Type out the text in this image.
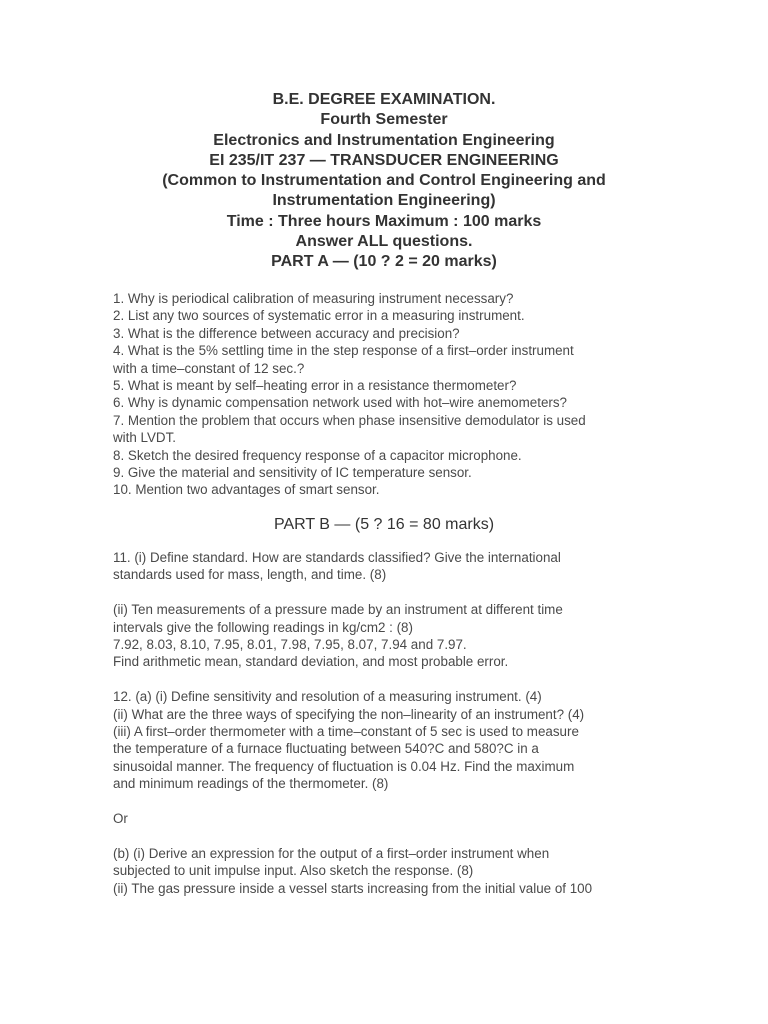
B.E. DEGREE EXAMINATION.
Fourth Semester
Electronics and Instrumentation Engineering
EI 235/IT 237 — TRANSDUCER ENGINEERING
(Common to Instrumentation and Control Engineering and
Instrumentation Engineering)
Time : Three hours Maximum : 100 marks
Answer ALL questions.
PART A — (10 ? 2 = 20 marks)
1. Why is periodical calibration of measuring instrument necessary?
2. List any two sources of systematic error in a measuring instrument.
3. What is the difference between accuracy and precision?
4. What is the 5% settling time in the step response of a first–order instrument
with a time–constant of 12 sec.?
5. What is meant by self–heating error in a resistance thermometer?
6. Why is dynamic compensation network used with hot–wire anemometers?
7. Mention the problem that occurs when phase insensitive demodulator is used
with LVDT.
8. Sketch the desired frequency response of a capacitor microphone.
9. Give the material and sensitivity of IC temperature sensor.
10. Mention two advantages of smart sensor.
PART B — (5 ? 16 = 80 marks)
11. (i) Define standard. How are standards classified? Give the international
standards used for mass, length, and time. (8)
(ii) Ten measurements of a pressure made by an instrument at different time
intervals give the following readings in kg/cm2 : (8)
7.92, 8.03, 8.10, 7.95, 8.01, 7.98, 7.95, 8.07, 7.94 and 7.97.
Find arithmetic mean, standard deviation, and most probable error.
12. (a) (i) Define sensitivity and resolution of a measuring instrument. (4)
(ii) What are the three ways of specifying the non–linearity of an instrument? (4)
(iii) A first–order thermometer with a time–constant of 5 sec is used to measure
the temperature of a furnace fluctuating between 540?C and 580?C in a
sinusoidal manner. The frequency of fluctuation is 0.04 Hz. Find the maximum
and minimum readings of the thermometer. (8)
Or
(b) (i) Derive an expression for the output of a first–order instrument when
subjected to unit impulse input. Also sketch the response. (8)
(ii) The gas pressure inside a vessel starts increasing from the initial value of 100
